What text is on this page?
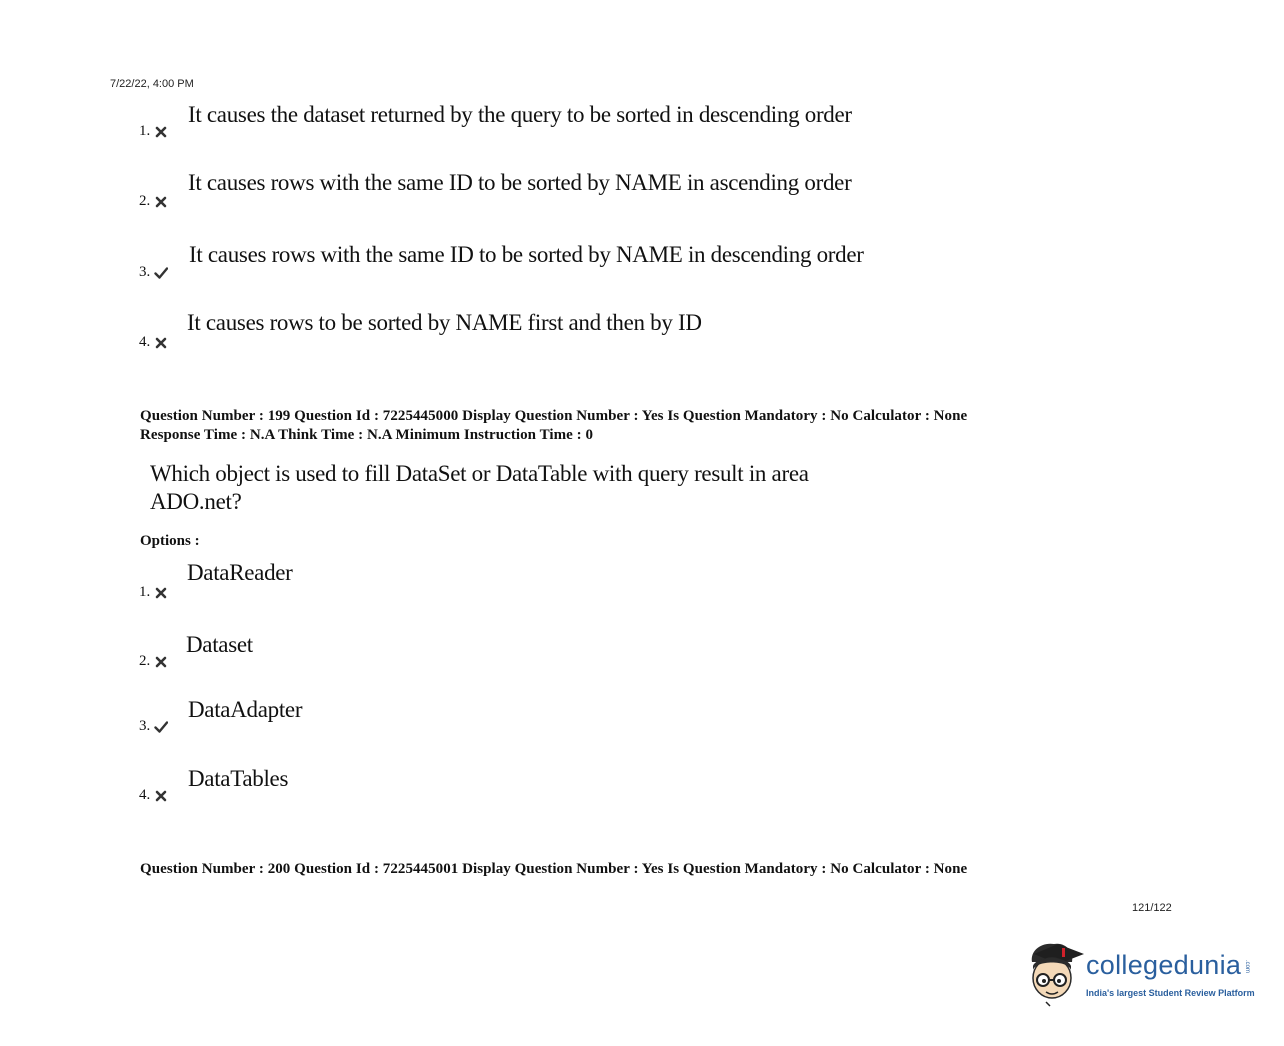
7/22/22, 4:00 PM
1.
It causes the dataset returned by the query to be sorted in descending order
2.
It causes rows with the same ID to be sorted by NAME in ascending order
3.
It causes rows with the same ID to be sorted by NAME in descending order
4.
It causes rows to be sorted by NAME first and then by ID
Question Number : 199 Question Id : 7225445000 Display Question Number : Yes Is Question Mandatory : No Calculator : None
Response Time : N.A Think Time : N.A Minimum Instruction Time : 0
Which object is used to fill DataSet or DataTable with query result in area
ADO.net?
Options :
1.
DataReader
2.
Dataset
3.
DataAdapter
4.
DataTables
Question Number : 200 Question Id : 7225445001 Display Question Number : Yes Is Question Mandatory : No Calculator : None
121/122
collegedunia .com
India's largest Student Review Platform
